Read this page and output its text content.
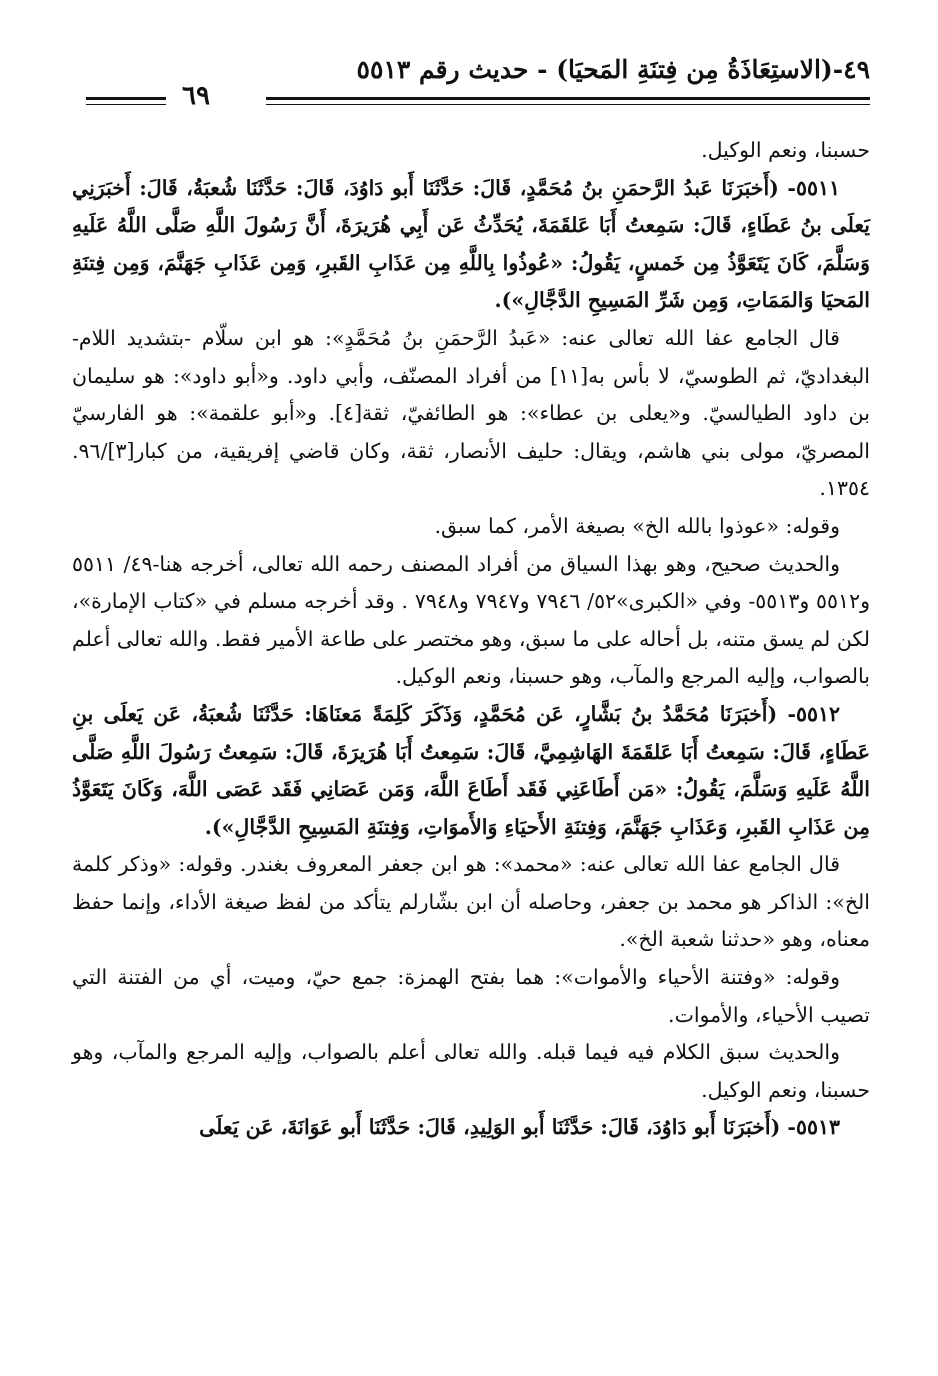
٤٩-(الاستِعَاذَةُ مِن فِتنَةِ المَحيَا) - حديث رقم ٥٥١٣
٦٩

حسبنا، ونعم الوكيل.

٥٥١١- (أَخبَرَنَا عَبدُ الرَّحمَنِ بنُ مُحَمَّدٍ، قَالَ: حَدَّثَنَا أَبو دَاوُدَ، قَالَ: حَدَّثَنَا شُعبَةُ، قَالَ: أَخبَرَنِي يَعلَى بنُ عَطَاءٍ، قَالَ: سَمِعتُ أَبَا عَلقَمَةَ، يُحَدِّثُ عَن أَبِي هُرَيرَةَ، أَنَّ رَسُولَ اللَّهِ صَلَّى اللَّهُ عَلَيهِ وَسَلَّمَ، كَانَ يَتَعَوَّذُ مِن خَمسٍ، يَقُولُ: «عُوذُوا بِاللَّهِ مِن عَذَابِ القَبرِ، وَمِن عَذَابِ جَهَنَّمَ، وَمِن فِتنَةِ المَحيَا وَالمَمَاتِ، وَمِن شَرِّ المَسِيحِ الدَّجَّالِ»).

قال الجامع عفا الله تعالى عنه: «عَبدُ الرَّحمَنِ بنُ مُحَمَّدٍ»: هو ابن سلّام -بتشديد اللام- البغداديّ، ثم الطوسيّ، لا بأس به[١١] من أفراد المصنّف، وأبي داود. و«أبو داود»: هو سليمان بن داود الطيالسيّ. و«يعلى بن عطاء»: هو الطائفيّ، ثقة[٤]. و«أبو علقمة»: هو الفارسيّ المصريّ، مولى بني هاشم، ويقال: حليف الأنصار، ثقة، وكان قاضي إفريقية، من كبار[٣]/٩٦. ١٣٥٤.

وقوله: «عوذوا بالله الخ» بصيغة الأمر، كما سبق.

والحديث صحيح، وهو بهذا السياق من أفراد المصنف رحمه الله تعالى، أخرجه هنا-٤٩/ ٥٥١١ و٥٥١٢ و٥٥١٣- وفي «الكبرى»٥٢/ ٧٩٤٦ و٧٩٤٧ و٧٩٤٨ . وقد أخرجه مسلم في «كتاب الإمارة»، لكن لم يسق متنه، بل أحاله على ما سبق، وهو مختصر على طاعة الأمير فقط. والله تعالى أعلم بالصواب، وإليه المرجع والمآب، وهو حسبنا، ونعم الوكيل.

٥٥١٢- (أَخبَرَنَا مُحَمَّدُ بنُ بَشَّارٍ، عَن مُحَمَّدٍ، وَذَكَرَ كَلِمَةً مَعنَاهَا: حَدَّثَنَا شُعبَةُ، عَن يَعلَى بنِ عَطَاءٍ، قَالَ: سَمِعتُ أَبَا عَلقَمَةَ الهَاشِمِيَّ، قَالَ: سَمِعتُ أَبَا هُرَيرَةَ، قَالَ: سَمِعتُ رَسُولَ اللَّهِ صَلَّى اللَّهُ عَلَيهِ وَسَلَّمَ، يَقُولُ: «مَن أَطَاعَنِي فَقَد أَطَاعَ اللَّهَ، وَمَن عَصَانِي فَقَد عَصَى اللَّهَ، وَكَانَ يَتَعَوَّذُ مِن عَذَابِ القَبرِ، وَعَذَابِ جَهَنَّمَ، وَفِتنَةِ الأَحيَاءِ وَالأَموَاتِ، وَفِتنَةِ المَسِيحِ الدَّجَّالِ»).

قال الجامع عفا الله تعالى عنه: «محمد»: هو ابن جعفر المعروف بغندر. وقوله: «وذكر كلمة الخ»: الذاكر هو محمد بن جعفر، وحاصله أن ابن بشّارلم يتأكد من لفظ صيغة الأداء، وإنما حفظ معناه، وهو «حدثنا شعبة الخ».

وقوله: «وفتنة الأحياء والأموات»: هما بفتح الهمزة: جمع حيّ، وميت، أي من الفتنة التي تصيب الأحياء، والأموات.

والحديث سبق الكلام فيه فيما قبله. والله تعالى أعلم بالصواب، وإليه المرجع والمآب، وهو حسبنا، ونعم الوكيل.

٥٥١٣- (أَخبَرَنَا أَبو دَاوُدَ، قَالَ: حَدَّثَنَا أَبو الوَلِيدِ، قَالَ: حَدَّثَنَا أَبو عَوَانَةَ، عَن يَعلَى
